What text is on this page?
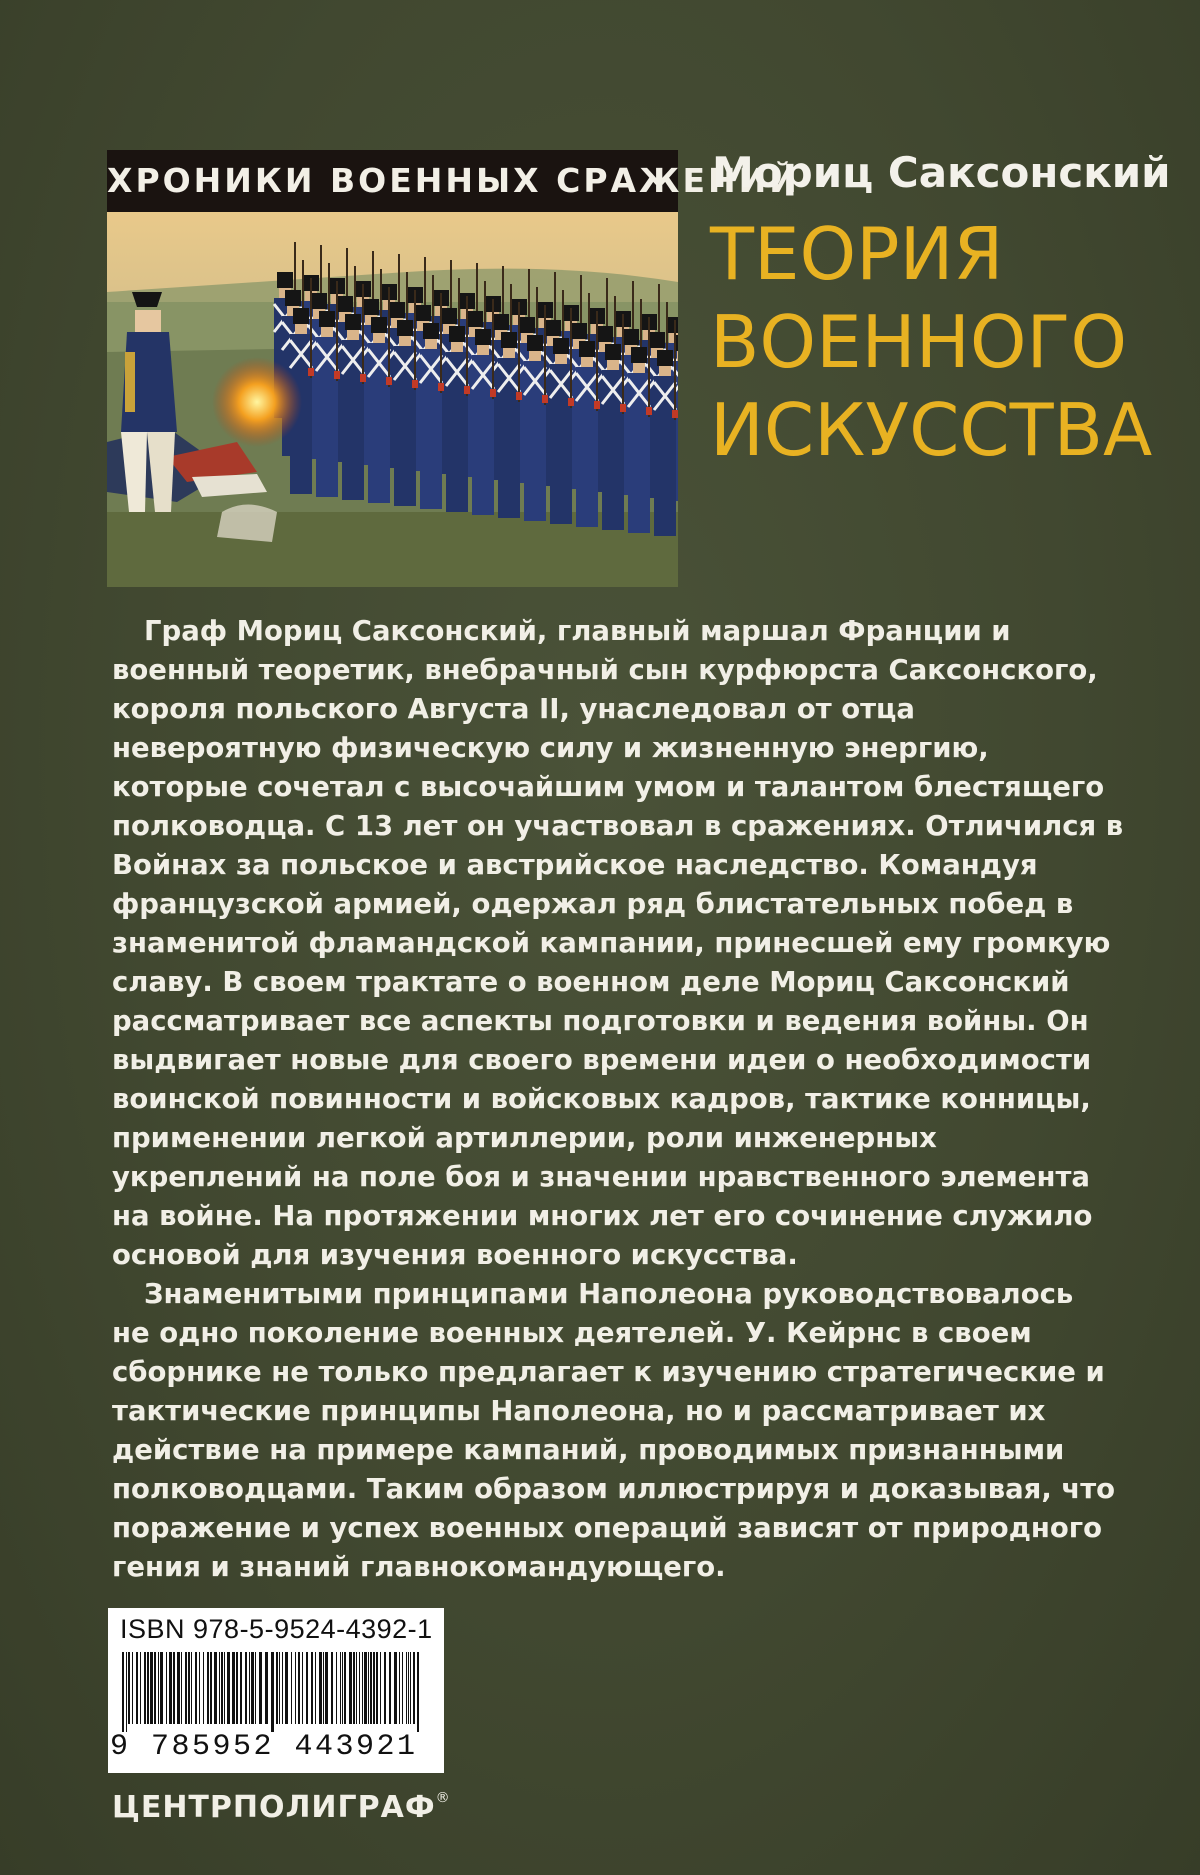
ХРОНИКИ ВОЕННЫХ СРАЖЕНИЙ
Мориц Саксонский
ТЕОРИЯ
ВОЕННОГО
ИСКУССТВА
Граф Мориц Саксонский, главный маршал Франции и
военный теоретик, внебрачный сын курфюрста Саксонского,
короля польского Августа II, унаследовал от отца
невероятную физическую силу и жизненную энергию,
которые сочетал с высочайшим умом и талантом блестящего
полководца. С 13 лет он участвовал в сражениях. Отличился в
Войнах за польское и австрийское наследство. Командуя
французской армией, одержал ряд блистательных побед в
знаменитой фламандской кампании, принесшей ему громкую
славу. В своем трактате о военном деле Мориц Саксонский
рассматривает все аспекты подготовки и ведения войны. Он
выдвигает новые для своего времени идеи о необходимости
воинской повинности и войсковых кадров, тактике конницы,
применении легкой артиллерии, роли инженерных
укреплений на поле боя и значении нравственного элемента
на войне. На протяжении многих лет его сочинение служило
основой для изучения военного искусства.
Знаменитыми принципами Наполеона руководствовалось
не одно поколение военных деятелей. У. Кейрнс в своем
сборнике не только предлагает к изучению стратегические и
тактические принципы Наполеона, но и рассматривает их
действие на примере кампаний, проводимых признанными
полководцами. Таким образом иллюстрируя и доказывая, что
поражение и успех военных операций зависят от природного
гения и знаний главнокомандующего.
ISBN 978-5-9524-4392-1
9 785952 443921
ЦЕНТРПОЛИГРАФ®
